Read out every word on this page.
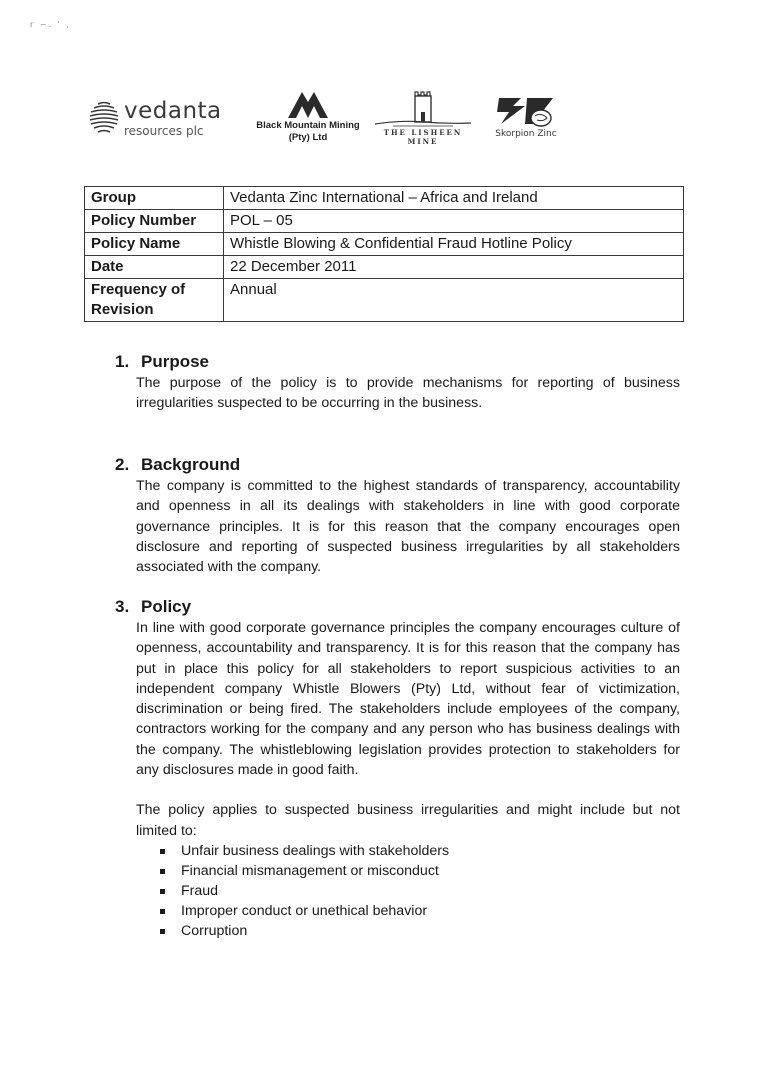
r ~. ' ,
vedanta
resources plc	Black Mountain Mining
(Pty) Ltd	THE LISHEEN MINE
Skorpion Zinc
Group	Vedanta Zinc International – Africa and Ireland
Policy Number	POL – 05
Policy Name	Whistle Blowing & Confidential Fraud Hotline Policy
Date	22 December 2011
Frequency of Revision	Annual
1. Purpose

The purpose of the policy is to provide mechanisms for reporting of business irregularities suspected to be occurring in the business.

2. Background

The company is committed to the highest standards of transparency, accountability and openness in all its dealings with stakeholders in line with good corporate governance principles. It is for this reason that the company encourages open disclosure and reporting of suspected business irregularities by all stakeholders associated with the company.

3. Policy

In line with good corporate governance principles the company encourages culture of openness, accountability and transparency. It is for this reason that the company has put in place this policy for all stakeholders to report suspicious activities to an independent company Whistle Blowers (Pty) Ltd, without fear of victimization, discrimination or being fired. The stakeholders include employees of the company, contractors working for the company and any person who has business dealings with the company. The whistleblowing legislation provides protection to stakeholders for any disclosures made in good faith.

The policy applies to suspected business irregularities and might include but not limited to:

Unfair business dealings with stakeholders
Financial mismanagement or misconduct
Fraud
Improper conduct or unethical behavior
Corruption
